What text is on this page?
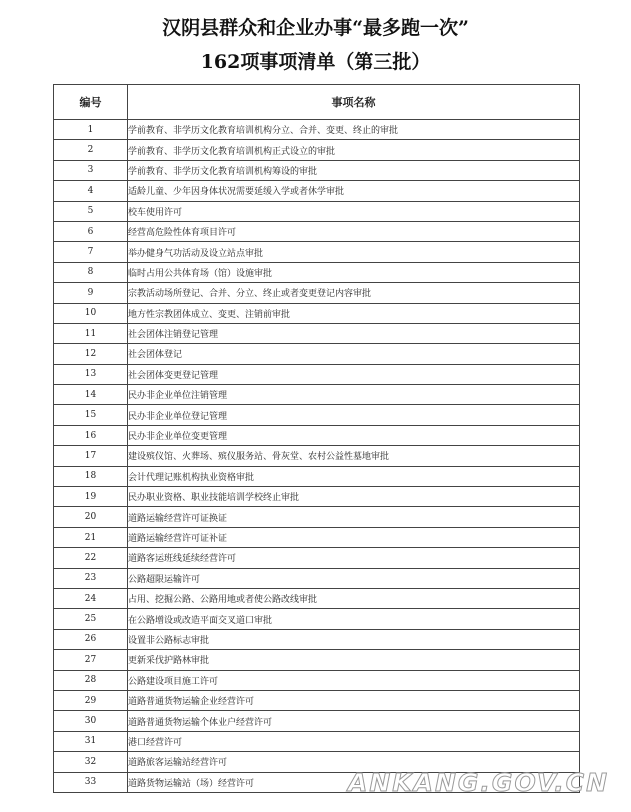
汉阴县群众和企业办事“最多跑一次”
162项事项清单（第三批）
编号	事项名称
1	学前教育、非学历文化教育培训机构分立、合并、变更、终止的审批
2	学前教育、非学历文化教育培训机构正式设立的审批
3	学前教育、非学历文化教育培训机构筹设的审批
4	适龄儿童、少年因身体状况需要延缓入学或者休学审批
5	校车使用许可
6	经营高危险性体育项目许可
7	举办健身气功活动及设立站点审批
8	临时占用公共体育场（馆）设施审批
9	宗教活动场所登记、合并、分立、终止或者变更登记内容审批
10	地方性宗教团体成立、变更、注销前审批
11	社会团体注销登记管理
12	社会团体登记
13	社会团体变更登记管理
14	民办非企业单位注销管理
15	民办非企业单位登记管理
16	民办非企业单位变更管理
17	建设殡仪馆、火葬场、殡仪服务站、骨灰堂、农村公益性墓地审批
18	会计代理记账机构执业资格审批
19	民办职业资格、职业技能培训学校终止审批
20	道路运输经营许可证换证
21	道路运输经营许可证补证
22	道路客运班线延续经营许可
23	公路超限运输许可
24	占用、挖掘公路、公路用地或者使公路改线审批
25	在公路增设或改造平面交叉道口审批
26	设置非公路标志审批
27	更新采伐护路林审批
28	公路建设项目施工许可
29	道路普通货物运输企业经营许可
30	道路普通货物运输个体业户经营许可
31	港口经营许可
32	道路旅客运输站经营许可
33	道路货物运输站（场）经营许可	ANKANG.GOV.CN
